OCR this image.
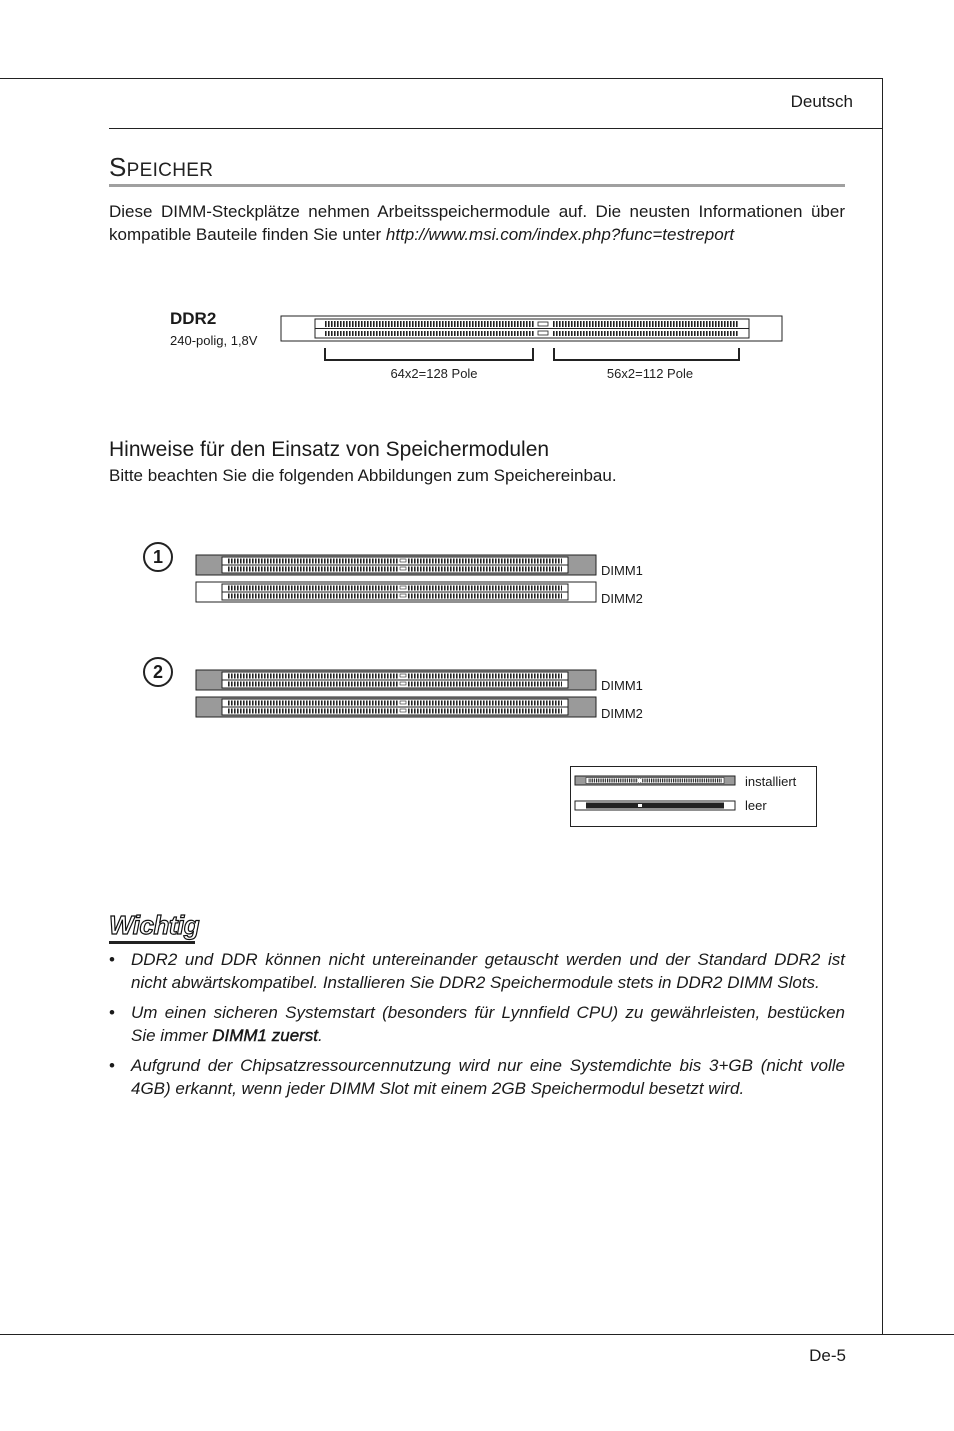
Deutsch
SPEICHER
Diese DIMM-Steckplätze nehmen Arbeitsspeichermodule auf. Die neusten Informationen über kompatible Bauteile finden Sie unter http://www.msi.com/index.php?func=testreport
DDR2
240-polig, 1,8V
64x2=128 Pole	56x2=112 Pole
Hinweise für den Einsatz von Speichermodulen
Bitte beachten Sie die folgenden Abbildungen zum Speichereinbau.
1
DIMM1
DIMM2
2
DIMM1
DIMM2
installiert
leer
Wichtig
• DDR2 und DDR können nicht untereinander getauscht werden und der Standard DDR2 ist nicht abwärtskompatibel. Installieren Sie DDR2 Speichermodule stets in DDR2 DIMM Slots.
• Um einen sicheren Systemstart (besonders für Lynnfield CPU) zu gewährleisten, bestücken Sie immer DIMM1 zuerst.
• Aufgrund der Chipsatzressourcennutzung wird nur eine Systemdichte bis 3+GB (nicht volle 4GB) erkannt, wenn jeder DIMM Slot mit einem 2GB Speichermodul besetzt wird.
De-5
